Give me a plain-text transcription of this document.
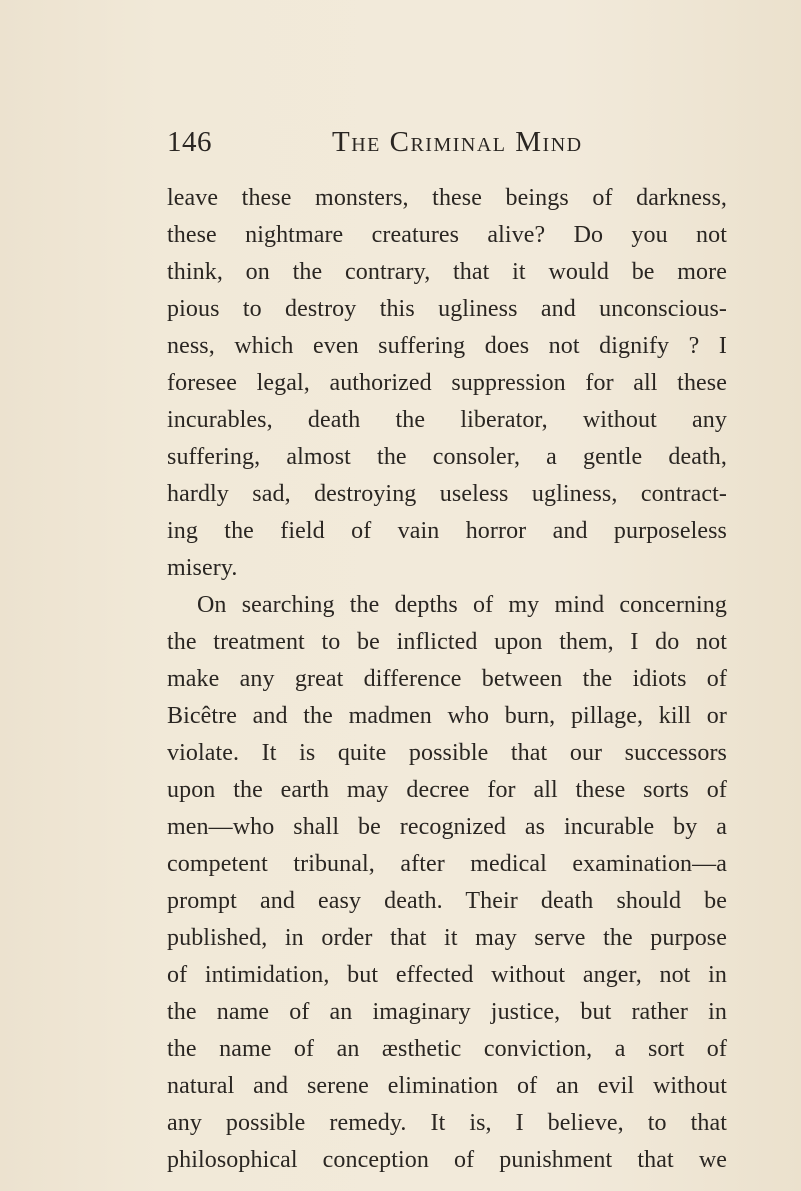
146	The Criminal Mind
leave these monsters, these beings of darkness,
these nightmare creatures alive? Do you not
think, on the contrary, that it would be more
pious to destroy this ugliness and unconscious-
ness, which even suffering does not dignify ? I
foresee legal, authorized suppression for all these
incurables, death the liberator, without any
suffering, almost the consoler, a gentle death,
hardly sad, destroying useless ugliness, contract-
ing the field of vain horror and purposeless
misery.
On searching the depths of my mind concerning
the treatment to be inflicted upon them, I do not
make any great difference between the idiots of
Bicêtre and the madmen who burn, pillage, kill or
violate. It is quite possible that our successors
upon the earth may decree for all these sorts of
men—who shall be recognized as incurable by a
competent tribunal, after medical examination—a
prompt and easy death. Their death should be
published, in order that it may serve the purpose
of intimidation, but effected without anger, not in
the name of an imaginary justice, but rather in
the name of an æsthetic conviction, a sort of
natural and serene elimination of an evil without
any possible remedy. It is, I believe, to that
philosophical conception of punishment that we
